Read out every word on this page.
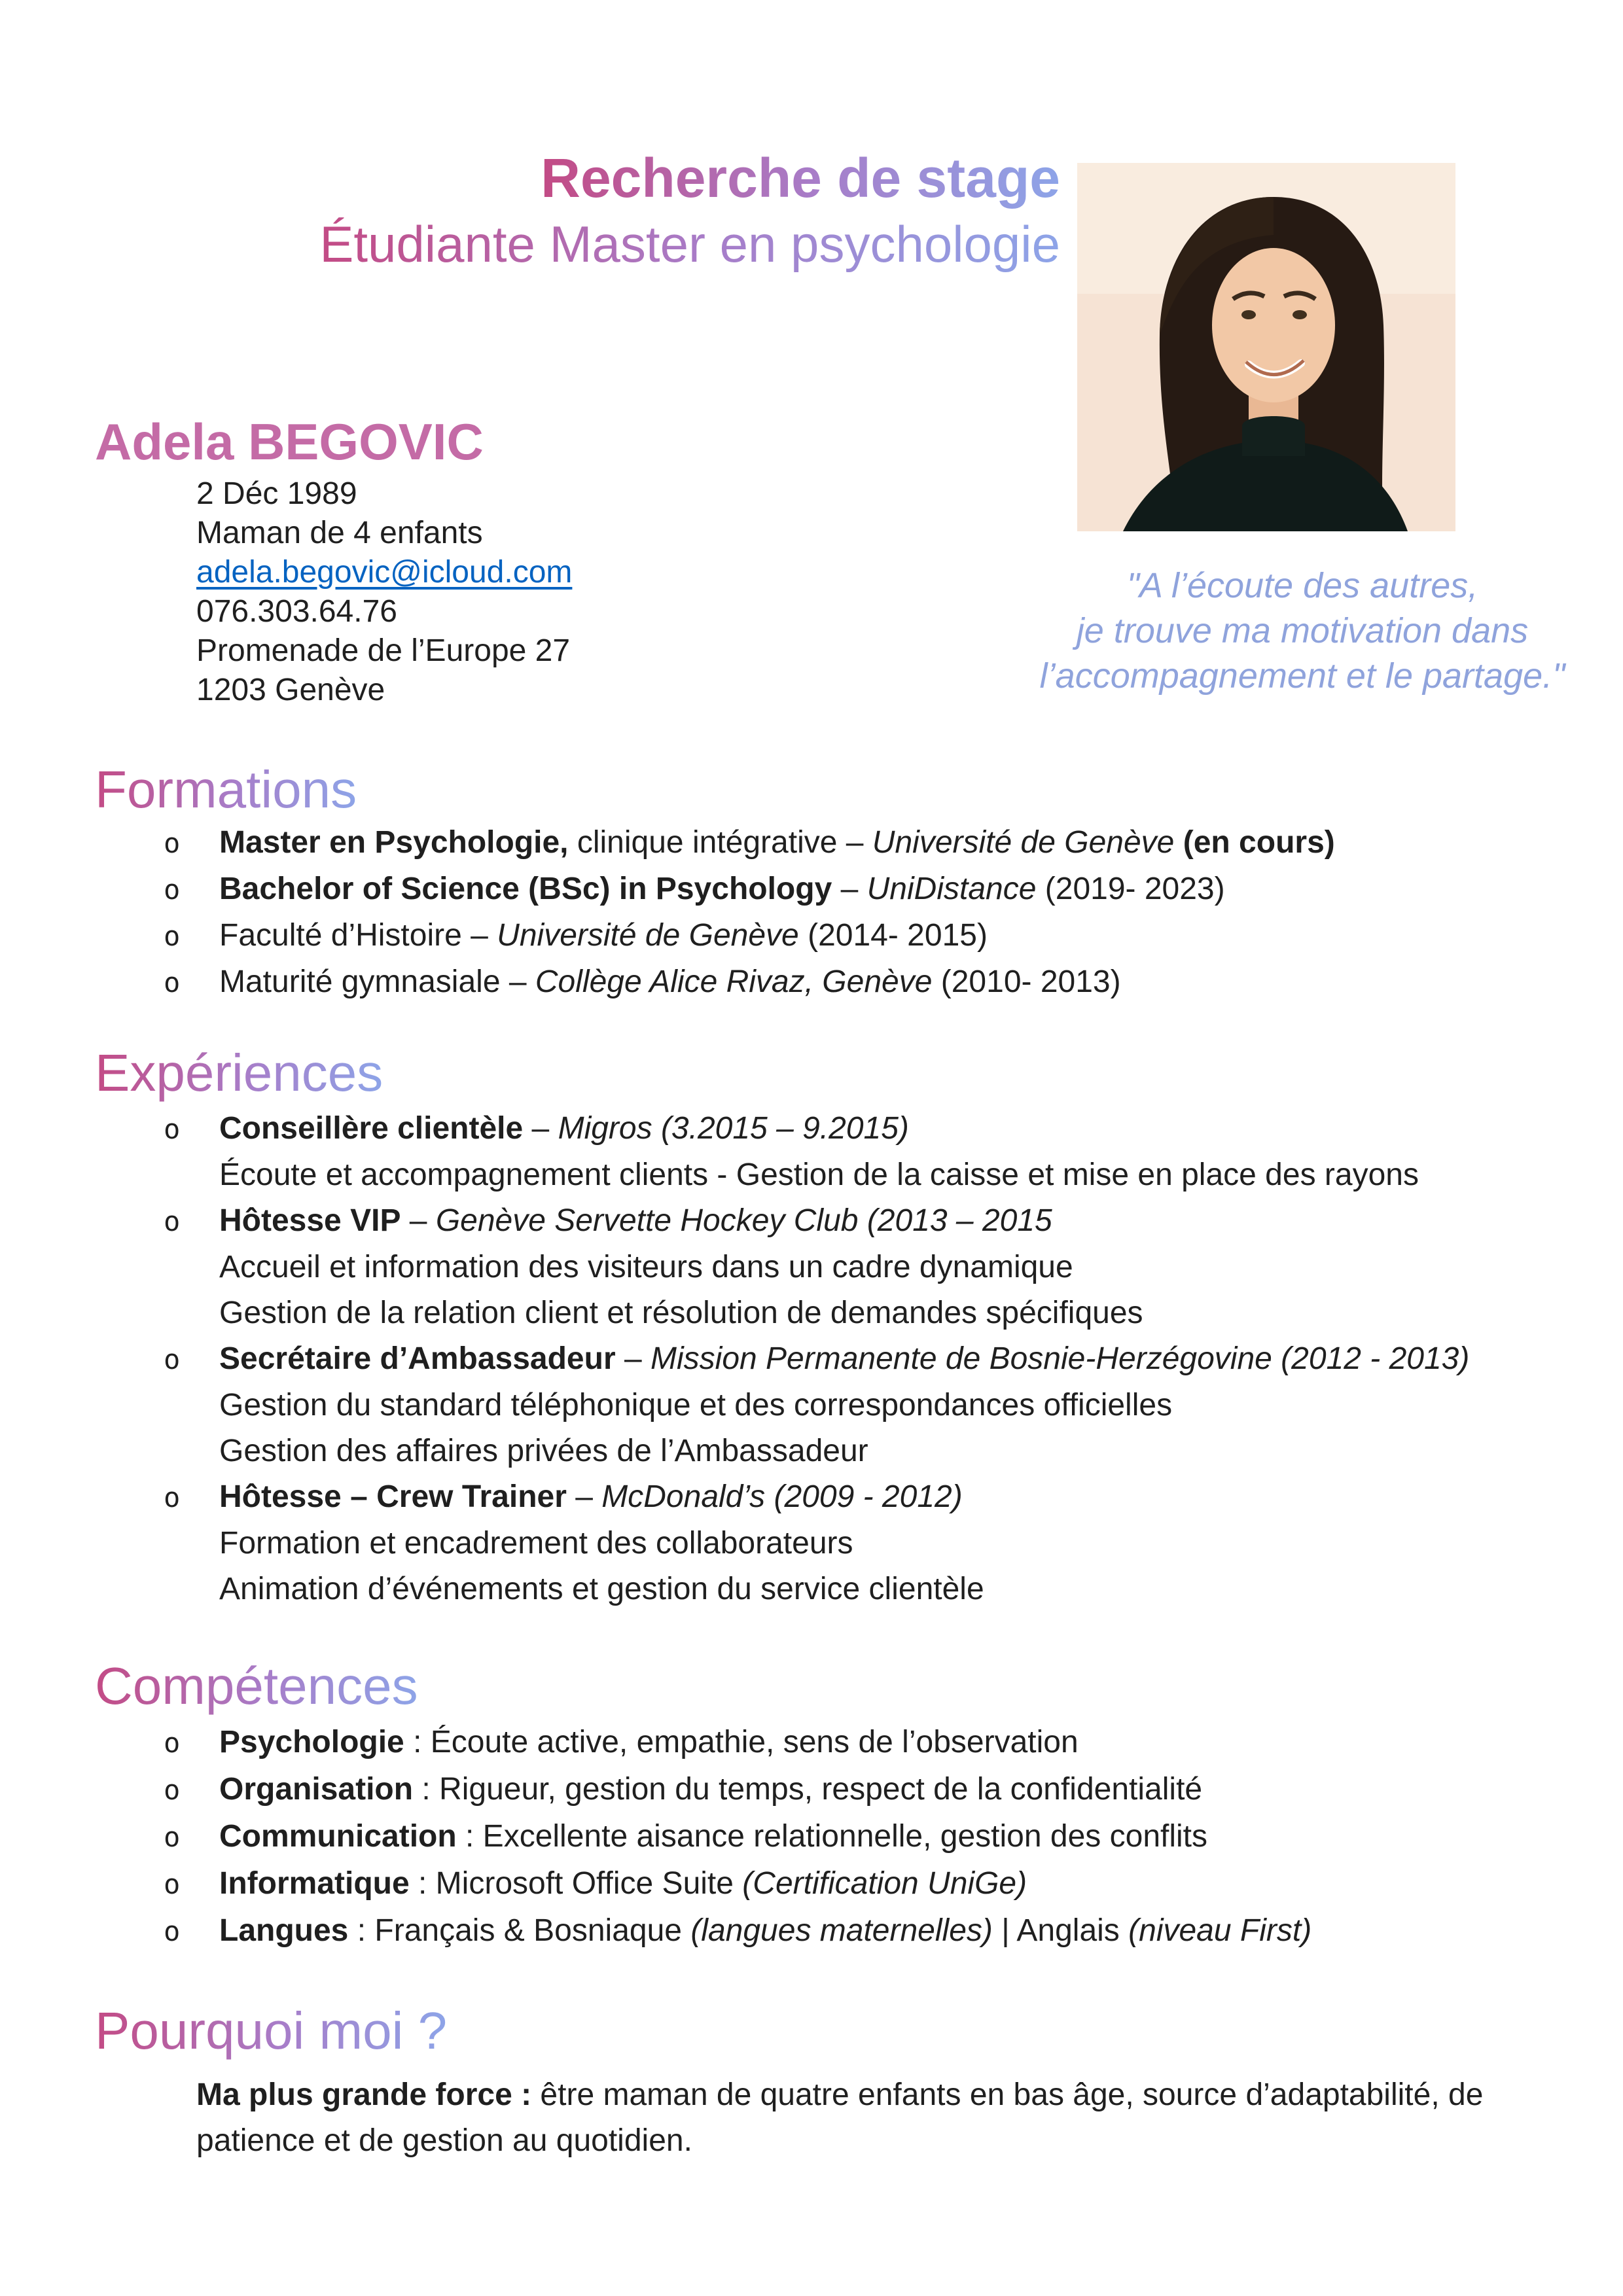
Recherche de stage
Étudiante Master en psychologie
"A l’écoute des autres,
je trouve ma motivation dans
l’accompagnement et le partage."
Adela BEGOVIC
2 Déc 1989
Maman de 4 enfants
adela.begovic@icloud.com
076.303.64.76
Promenade de l’Europe 27
1203 Genève
Formations
o Master en Psychologie, clinique intégrative – Université de Genève (en cours)
o Bachelor of Science (BSc) in Psychology – UniDistance (2019- 2023)
o Faculté d’Histoire – Université de Genève (2014- 2015)
o Maturité gymnasiale – Collège Alice Rivaz, Genève (2010- 2013)
Expériences
o Conseillère clientèle – Migros (3.2015 – 9.2015)
Écoute et accompagnement clients - Gestion de la caisse et mise en place des rayons
o Hôtesse VIP – Genève Servette Hockey Club (2013 – 2015
Accueil et information des visiteurs dans un cadre dynamique
Gestion de la relation client et résolution de demandes spécifiques
o Secrétaire d’Ambassadeur – Mission Permanente de Bosnie-Herzégovine (2012 - 2013)
Gestion du standard téléphonique et des correspondances officielles
Gestion des affaires privées de l’Ambassadeur
o Hôtesse – Crew Trainer – McDonald’s (2009 - 2012)
Formation et encadrement des collaborateurs
Animation d’événements et gestion du service clientèle
Compétences
o Psychologie : Écoute active, empathie, sens de l’observation
o Organisation : Rigueur, gestion du temps, respect de la confidentialité
o Communication : Excellente aisance relationnelle, gestion des conflits
o Informatique : Microsoft Office Suite (Certification UniGe)
o Langues : Français & Bosniaque (langues maternelles) | Anglais (niveau First)
Pourquoi moi ?

Ma plus grande force : être maman de quatre enfants en bas âge, source d’adaptabilité, de patience et de gestion au quotidien.
